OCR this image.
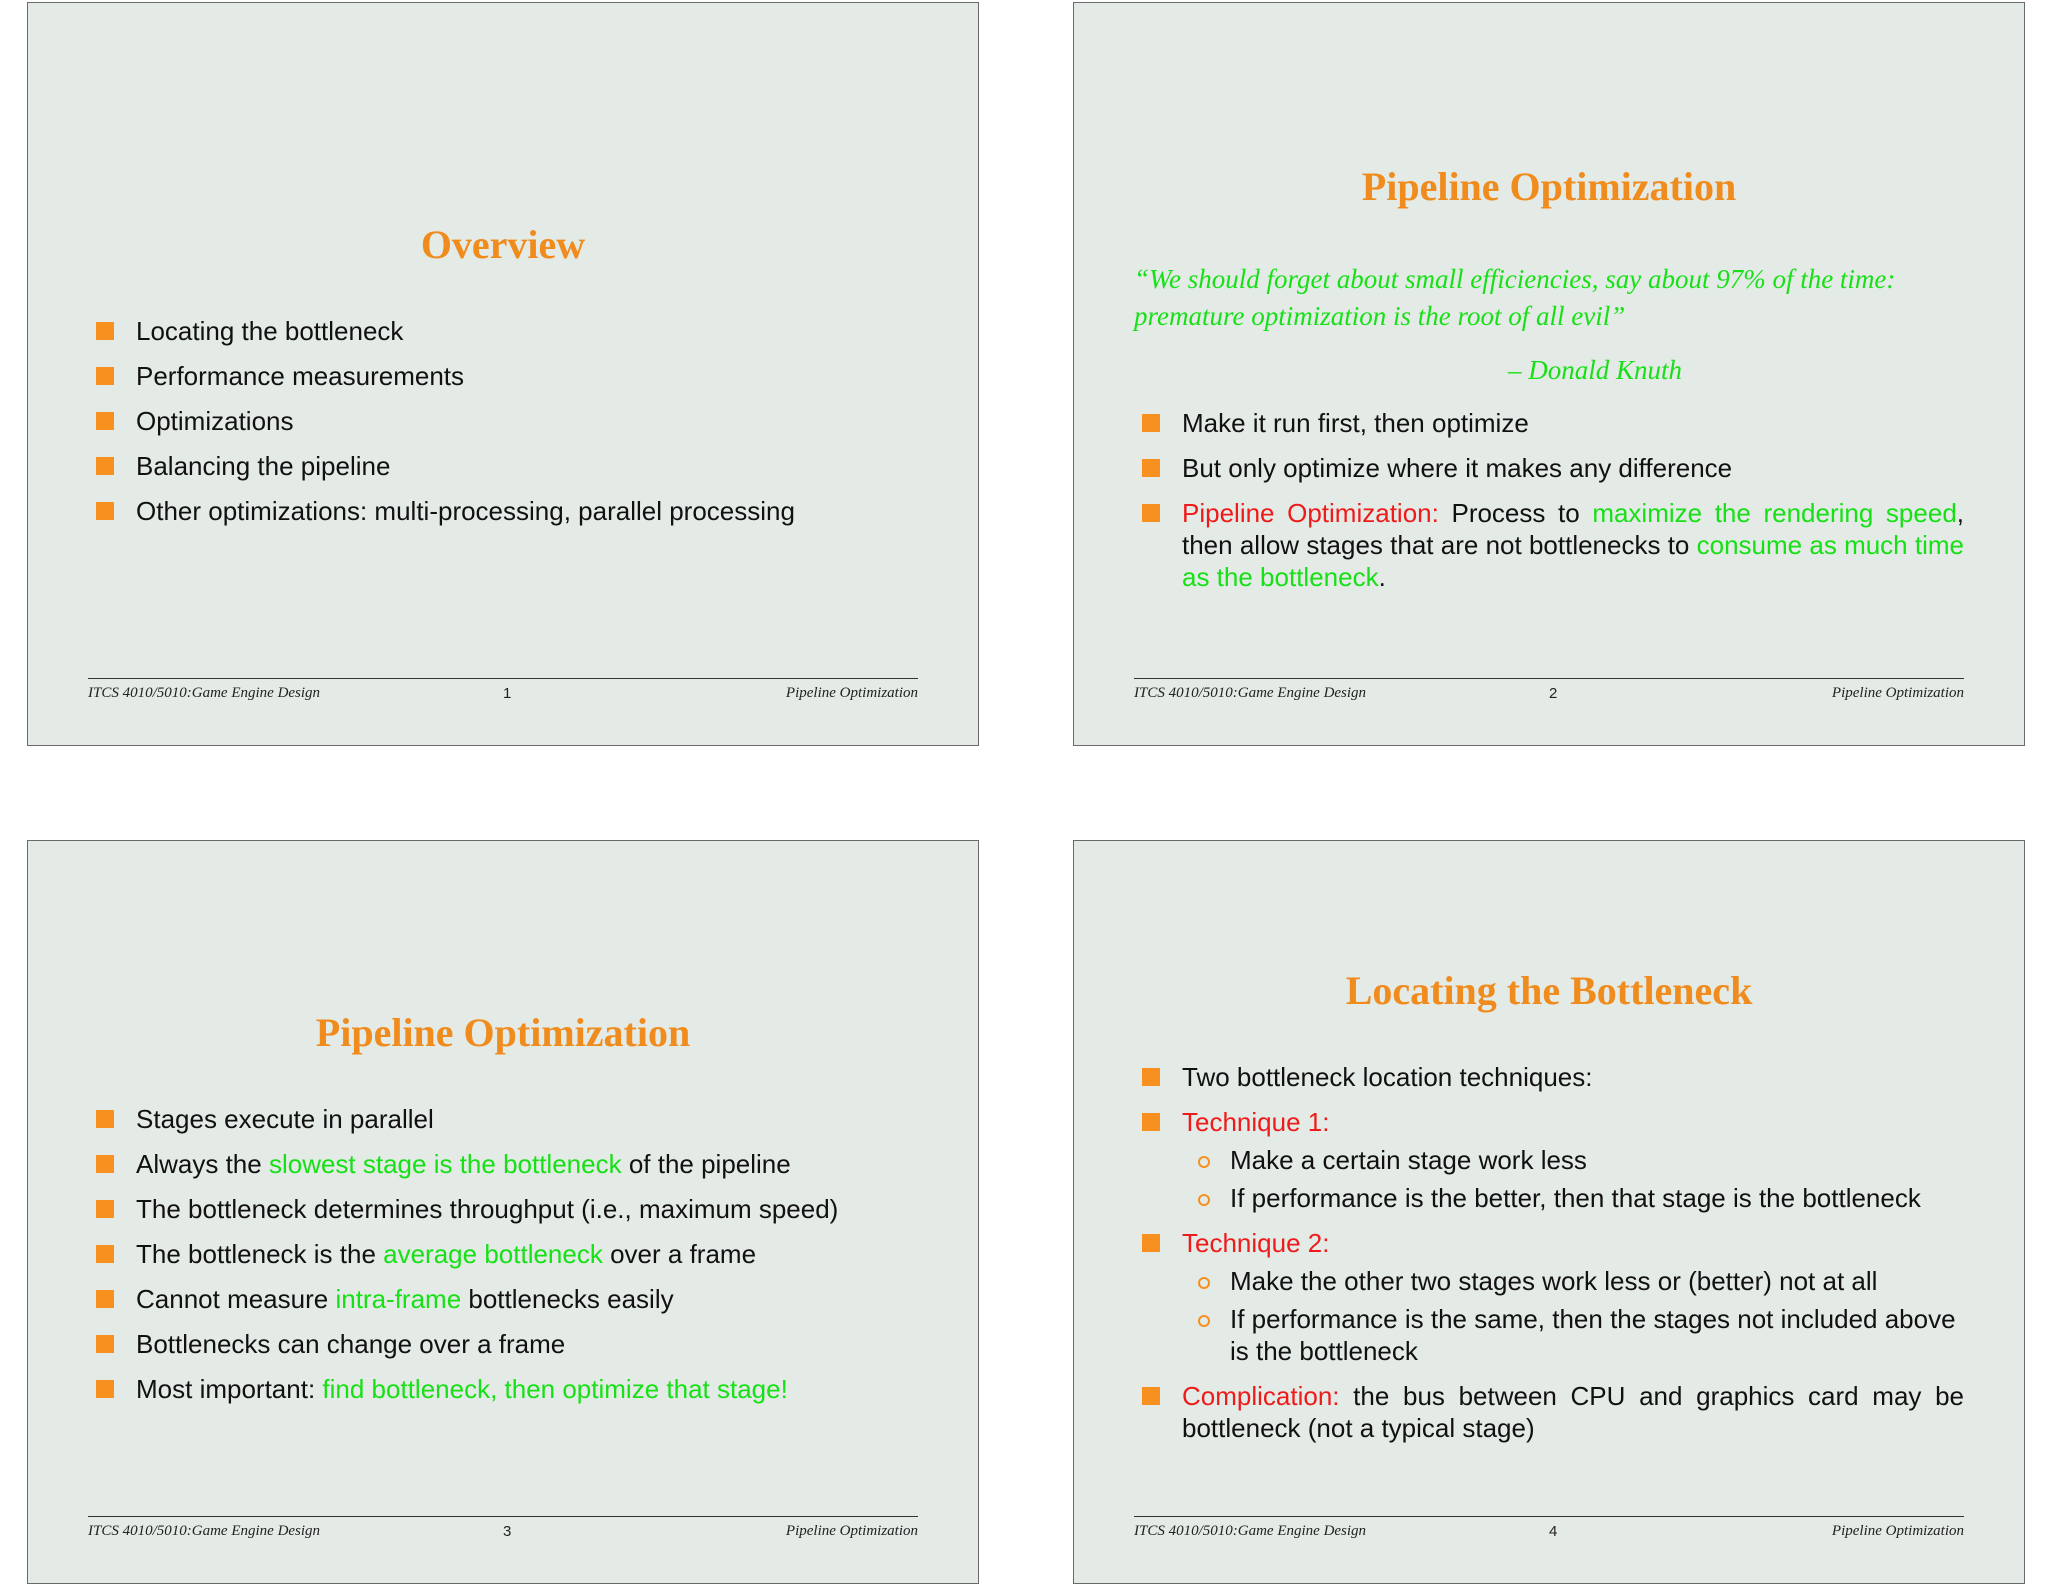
Overview
Locating the bottleneck
Performance measurements
Optimizations
Balancing the pipeline
Other optimizations: multi-processing, parallel processing
ITCS 4010/5010:Game Engine Design	1	Pipeline Optimization
Pipeline Optimization
“We should forget about small efficiencies, say about 97% of the time: premature optimization is the root of all evil”
– Donald Knuth
Make it run first, then optimize
But only optimize where it makes any difference
Pipeline Optimization: Process to maximize the rendering speed, then allow stages that are not bottlenecks to consume as much time as the bottleneck.
ITCS 4010/5010:Game Engine Design	2	Pipeline Optimization
Pipeline Optimization
Stages execute in parallel
Always the slowest stage is the bottleneck of the pipeline
The bottleneck determines throughput (i.e., maximum speed)
The bottleneck is the average bottleneck over a frame
Cannot measure intra-frame bottlenecks easily
Bottlenecks can change over a frame
Most important: find bottleneck, then optimize that stage!
ITCS 4010/5010:Game Engine Design	3	Pipeline Optimization
Locating the Bottleneck
Two bottleneck location techniques:
Technique 1:
Make a certain stage work less
If performance is the better, then that stage is the bottleneck
Technique 2:
Make the other two stages work less or (better) not at all
If performance is the same, then the stages not included above is the bottleneck
Complication: the bus between CPU and graphics card may be bottleneck (not a typical stage)
ITCS 4010/5010:Game Engine Design	4	Pipeline Optimization
